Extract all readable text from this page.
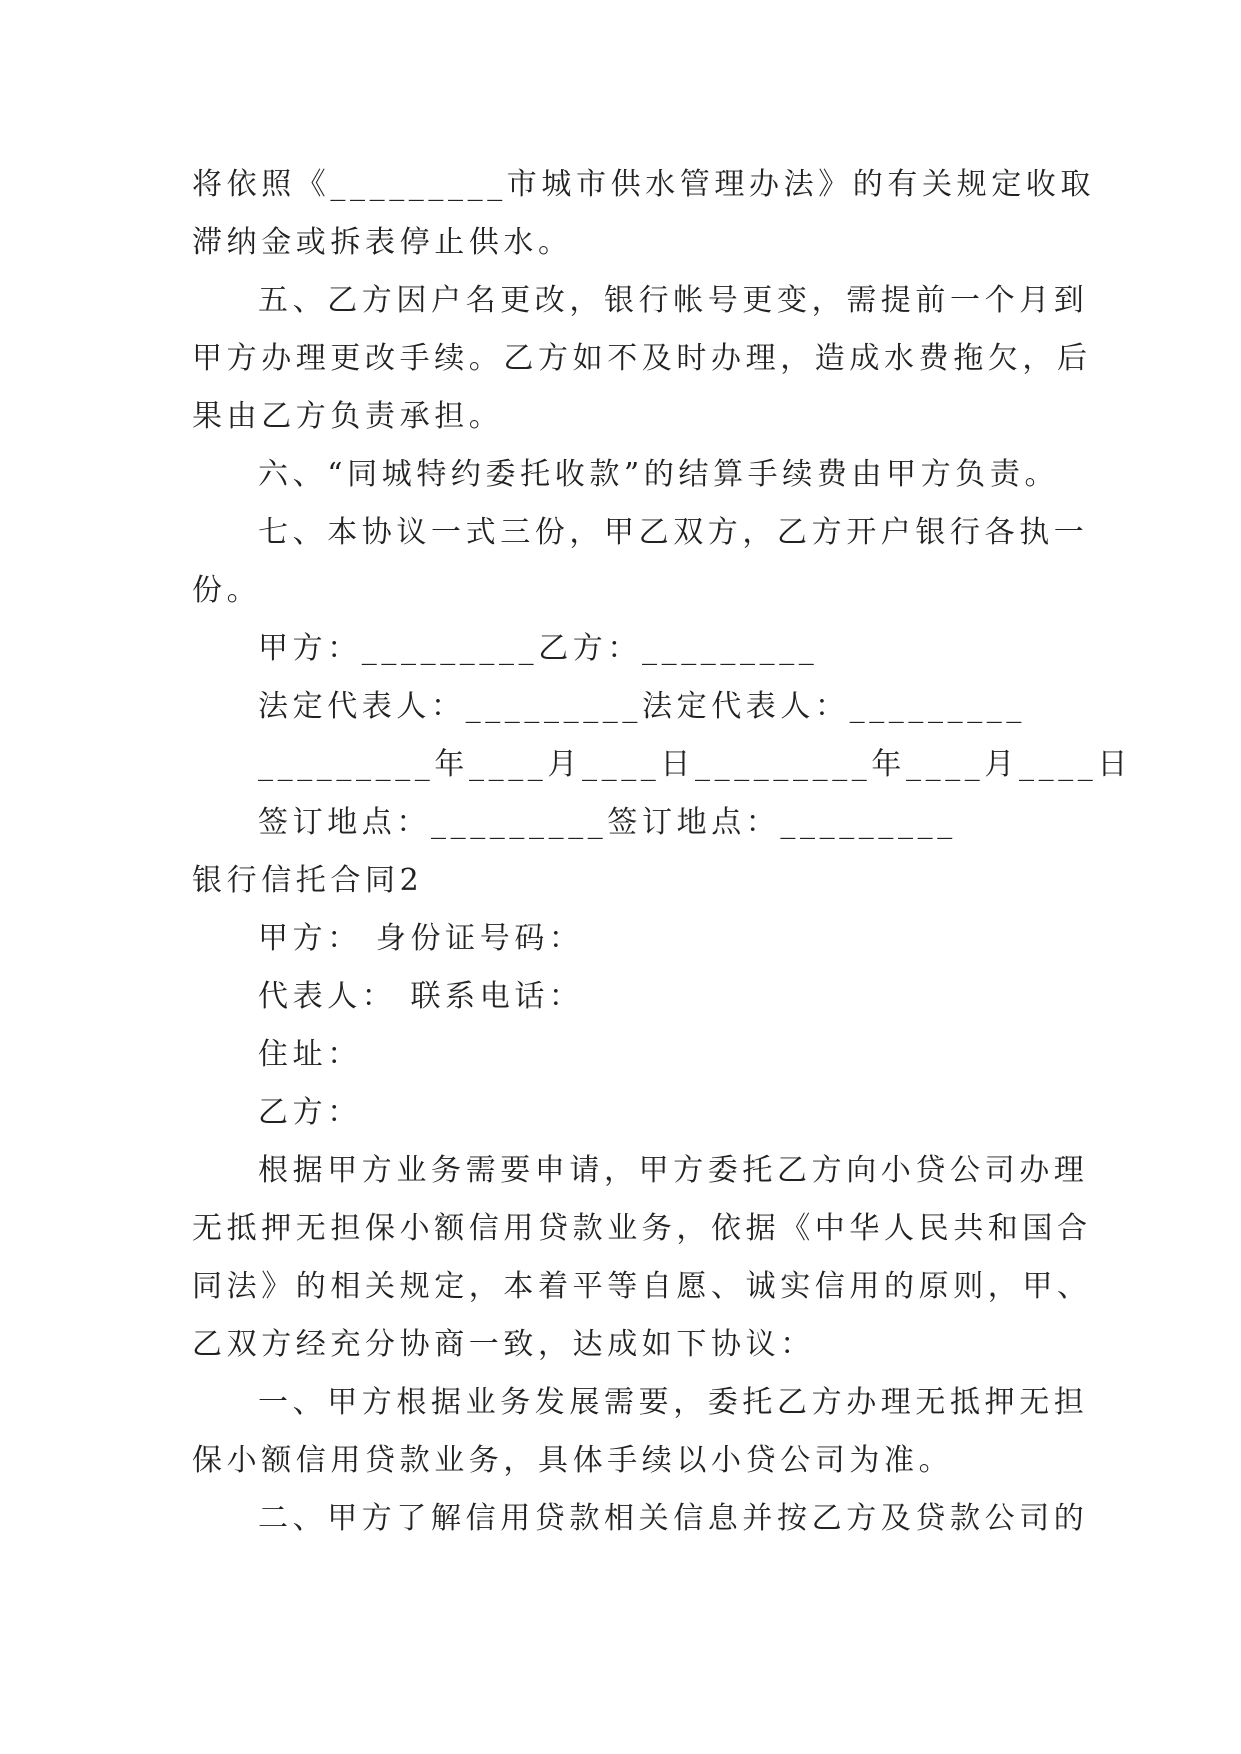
将依照《_________市城市供水管理办法》的有关规定收取
滞纳金或拆表停止供水。
五、乙方因户名更改，银行帐号更变，需提前一个月到
甲方办理更改手续。乙方如不及时办理，造成水费拖欠，后
果由乙方负责承担。
六、“同城特约委托收款”的结算手续费由甲方负责。
七、本协议一式三份，甲乙双方，乙方开户银行各执一
份。
甲方：_________乙方：_________
法定代表人：_________法定代表人：_________
_________年____月____日_________年____月____日
签订地点：_________签订地点：_________
银行信托合同2
甲方： 身份证号码：
代表人： 联系电话：
住址：
乙方：
根据甲方业务需要申请，甲方委托乙方向小贷公司办理
无抵押无担保小额信用贷款业务，依据《中华人民共和国合
同法》的相关规定，本着平等自愿、诚实信用的原则，甲、
乙双方经充分协商一致，达成如下协议：
一、甲方根据业务发展需要，委托乙方办理无抵押无担
保小额信用贷款业务，具体手续以小贷公司为准。
二、甲方了解信用贷款相关信息并按乙方及贷款公司的
